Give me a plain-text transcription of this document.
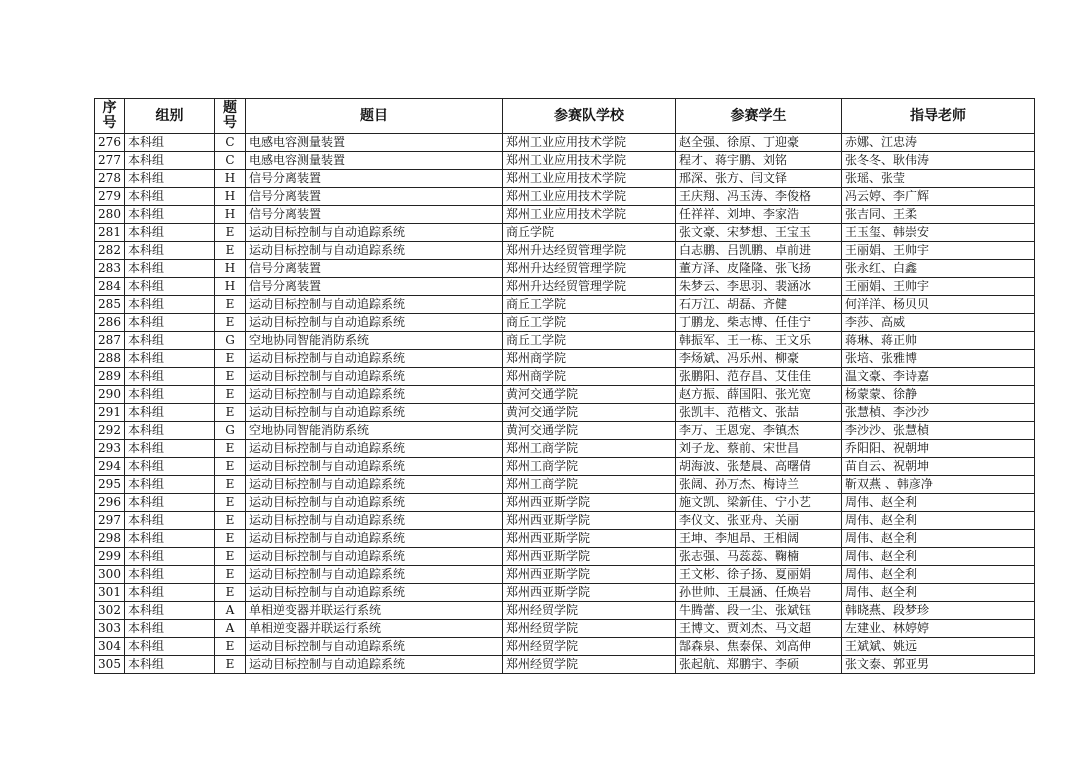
序号	组别	题号	题目	参赛队学校	参赛学生	指导老师
276	本科组	C	电感电容测量装置	郑州工业应用技术学院	赵全强、徐原、丁迎豪	赤娜、江忠涛
277	本科组	C	电感电容测量装置	郑州工业应用技术学院	程才、蒋宇鹏、刘铭	张冬冬、耿伟涛
278	本科组	H	信号分离装置	郑州工业应用技术学院	邢深、张方、闫文铎	张瑶、张莹
279	本科组	H	信号分离装置	郑州工业应用技术学院	王庆翔、冯玉涛、李俊格	冯云婷、李广辉
280	本科组	H	信号分离装置	郑州工业应用技术学院	任祥祥、刘坤、李家浩	张吉同、王柔
281	本科组	E	运动目标控制与自动追踪系统	商丘学院	张文豪、宋梦想、王宝玉	王玉玺、韩崇安
282	本科组	E	运动目标控制与自动追踪系统	郑州升达经贸管理学院	白志鹏、吕凯鹏、卓前进	王丽娟、王帅宇
283	本科组	H	信号分离装置	郑州升达经贸管理学院	董方泽、皮隆隆、张飞扬	张永红、白鑫
284	本科组	H	信号分离装置	郑州升达经贸管理学院	朱梦云、李思羽、裴涵冰	王丽娟、王帅宇
285	本科组	E	运动目标控制与自动追踪系统	商丘工学院	石万江、胡磊、齐健	何洋洋、杨贝贝
286	本科组	E	运动目标控制与自动追踪系统	商丘工学院	丁鹏龙、柴志博、任佳宁	李莎、高威
287	本科组	G	空地协同智能消防系统	商丘工学院	韩振军、王一栋、王文乐	蒋琳、蒋正帅
288	本科组	E	运动目标控制与自动追踪系统	郑州商学院	李炀斌、冯乐州、柳豪	张培、张雅博
289	本科组	E	运动目标控制与自动追踪系统	郑州商学院	张鹏阳、范存昌、艾佳佳	温文豪、李诗嘉
290	本科组	E	运动目标控制与自动追踪系统	黄河交通学院	赵方振、薛国阳、张光宽	杨蒙蒙、徐静
291	本科组	E	运动目标控制与自动追踪系统	黄河交通学院	张凯丰、范楷文、张喆	张慧楨、李沙沙
292	本科组	G	空地协同智能消防系统	黄河交通学院	李万、王恩宠、李镇杰	李沙沙、张慧楨
293	本科组	E	运动目标控制与自动追踪系统	郑州工商学院	刘子龙、蔡前、宋世昌	乔阳阳、祝朝坤
294	本科组	E	运动目标控制与自动追踪系统	郑州工商学院	胡海波、张楚晨、高曙倩	苗自云、祝朝坤
295	本科组	E	运动目标控制与自动追踪系统	郑州工商学院	张阔、孙万杰、梅诗兰	靳双燕 、韩彦净
296	本科组	E	运动目标控制与自动追踪系统	郑州西亚斯学院	施文凯、梁新佳、宁小艺	周伟、赵全利
297	本科组	E	运动目标控制与自动追踪系统	郑州西亚斯学院	李仪文、张亚舟、关丽	周伟、赵全利
298	本科组	E	运动目标控制与自动追踪系统	郑州西亚斯学院	王坤、李旭昂、王相阔	周伟、赵全利
299	本科组	E	运动目标控制与自动追踪系统	郑州西亚斯学院	张志强、马蕊蕊、鞠楠	周伟、赵全利
300	本科组	E	运动目标控制与自动追踪系统	郑州西亚斯学院	王文彬、徐子扬、夏丽娟	周伟、赵全利
301	本科组	E	运动目标控制与自动追踪系统	郑州西亚斯学院	孙世帅、王晨涵、任焕岩	周伟、赵全利
302	本科组	A	单相逆变器并联运行系统	郑州经贸学院	牛腾蕾、段一尘、张斌钰	韩晓燕、段梦珍
303	本科组	A	单相逆变器并联运行系统	郑州经贸学院	王博文、贾刘杰、马文超	左建业、林婷婷
304	本科组	E	运动目标控制与自动追踪系统	郑州经贸学院	郜森泉、焦泰保、刘高伸	王斌斌、姚远
305	本科组	E	运动目标控制与自动追踪系统	郑州经贸学院	张起航、郑鹏宇、李硕	张文泰、郭亚男
